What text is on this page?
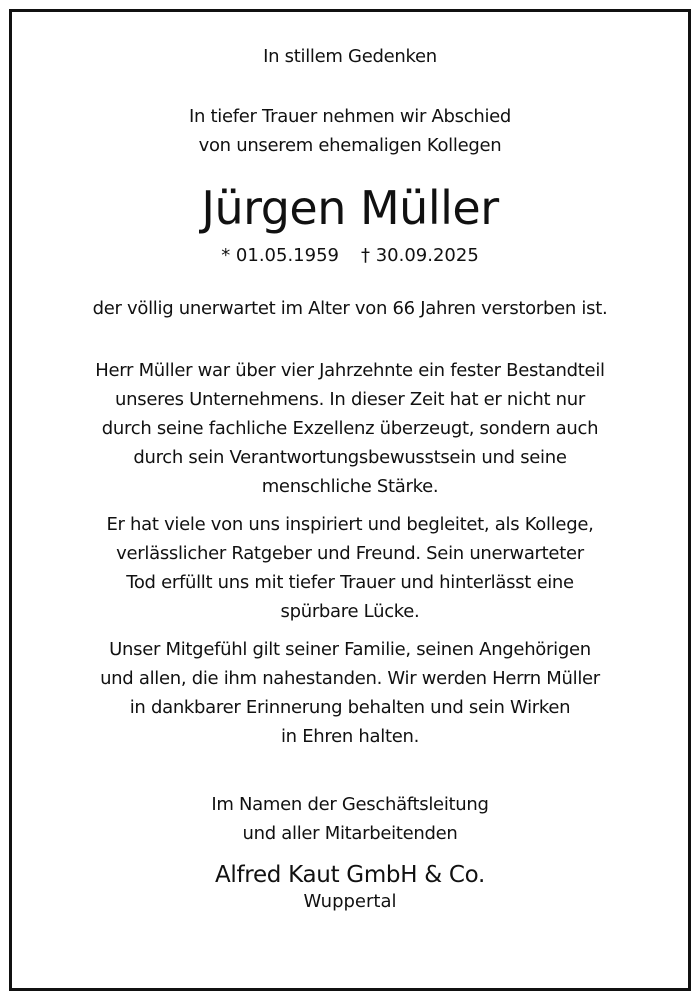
In stillem Gedenken
In tiefer Trauer nehmen wir Abschied
von unserem ehemaligen Kollegen
Jürgen Müller
* 01.05.1959 † 30.09.2025
der völlig unerwartet im Alter von 66 Jahren verstorben ist.
Herr Müller war über vier Jahrzehnte ein fester Bestandteil
unseres Unternehmens. In dieser Zeit hat er nicht nur
durch seine fachliche Exzellenz überzeugt, sondern auch
durch sein Verantwortungsbewusstsein und seine
menschliche Stärke.
Er hat viele von uns inspiriert und begleitet, als Kollege,
verlässlicher Ratgeber und Freund. Sein unerwarteter
Tod erfüllt uns mit tiefer Trauer und hinterlässt eine
spürbare Lücke.
Unser Mitgefühl gilt seiner Familie, seinen Angehörigen
und allen, die ihm nahestanden. Wir werden Herrn Müller
in dankbarer Erinnerung behalten und sein Wirken
in Ehren halten.
Im Namen der Geschäftsleitung
und aller Mitarbeitenden
Alfred Kaut GmbH & Co.
Wuppertal
